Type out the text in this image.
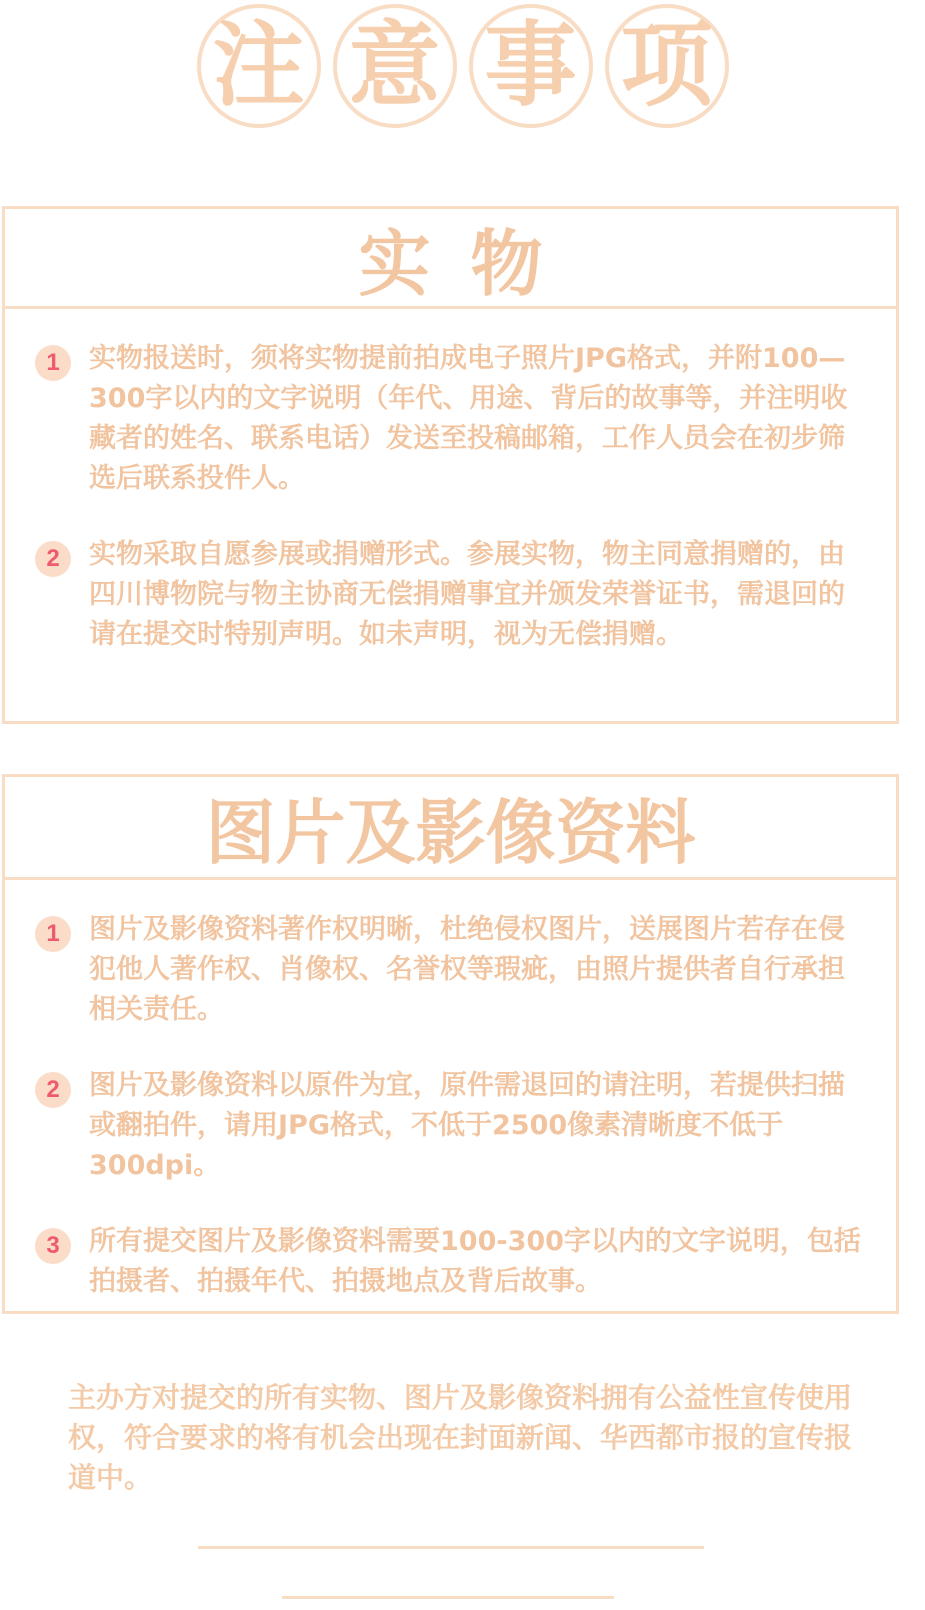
注 意 事 项
实物
1	实物报送时，须将实物提前拍成电子照片JPG格式，并附100—300字以内的文字说明（年代、用途、背后的故事等，并注明收藏者的姓名、联系电话）发送至投稿邮箱，工作人员会在初步筛选后联系投件人。
2	实物采取自愿参展或捐赠形式。参展实物，物主同意捐赠的，由四川博物院与物主协商无偿捐赠事宜并颁发荣誉证书，需退回的请在提交时特别声明。如未声明，视为无偿捐赠。
图片及影像资料
1	图片及影像资料著作权明晰，杜绝侵权图片，送展图片若存在侵犯他人著作权、肖像权、名誉权等瑕疵，由照片提供者自行承担相关责任。
2	图片及影像资料以原件为宜，原件需退回的请注明，若提供扫描或翻拍件，请用JPG格式，不低于2500像素清晰度不低于300dpi。
3	所有提交图片及影像资料需要100-300字以内的文字说明，包括拍摄者、拍摄年代、拍摄地点及背后故事。
主办方对提交的所有实物、图片及影像资料拥有公益性宣传使用权，符合要求的将有机会出现在封面新闻、华西都市报的宣传报道中。
